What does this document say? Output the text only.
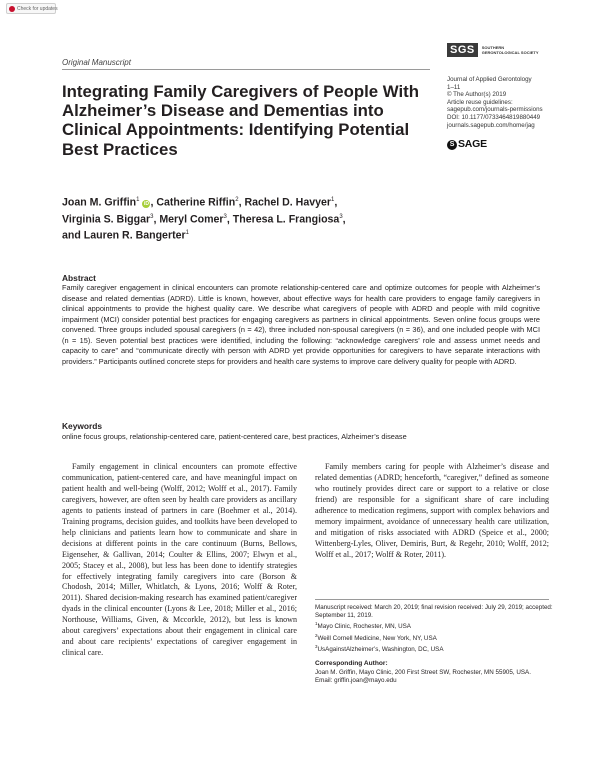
Check for updates
Original Manuscript
SGS	SOUTHERN GERONTOLOGICAL SOCIETY
Journal of Applied Gerontology
1–11
© The Author(s) 2019
Article reuse guidelines:
sagepub.com/journals-permissions
DOI: 10.1177/0733464819880449
journals.sagepub.com/home/jag
S SAGE
Integrating Family Caregivers of People With Alzheimer’s Disease and Dementias into Clinical Appointments: Identifying Potential Best Practices
Joan M. Griffin$^1$ iD , Catherine Riffin$^2$, Rachel D. Havyer$^1$,
Virginia S. Biggar$^3$, Meryl Comer$^3$, Theresa L. Frangiosa$^3$,
and Lauren R. Bangerter$^1$
Abstract

Family caregiver engagement in clinical encounters can promote relationship-centered care and optimize outcomes for people with Alzheimer’s disease and related dementias (ADRD). Little is known, however, about effective ways for health care providers to engage family caregivers in clinical appointments to provide the highest quality care. We describe what caregivers of people with ADRD and people with mild cognitive impairment (MCI) consider potential best practices for engaging caregivers as partners in clinical appointments. Seven online focus groups were convened. Three groups included spousal caregivers (n = 42), three included non-spousal caregivers (n = 36), and one included people with MCI (n = 15). Seven potential best practices were identified, including the following: “acknowledge caregivers’ role and assess unmet needs and capacity to care” and “communicate directly with person with ADRD yet provide opportunities for caregivers to have separate interactions with providers.” Participants outlined concrete steps for providers and health care systems to improve care delivery quality for people with ADRD.

Keywords
online focus groups, relationship-centered care, patient-centered care, best practices, Alzheimer’s disease

Family engagement in clinical encounters can promote effective communication, patient-centered care, and have meaningful impact on patient health and well-being (Wolff, 2012; Wolff et al., 2017). Family caregivers, however, are often seen by health care providers as ancillary agents to patients instead of partners in care (Boehmer et al., 2014). Training programs, decision guides, and toolkits have been developed to help clinicians and patients learn how to communicate and share in decisions at different points in the care continuum (Burns, Bellows, Eigenseher, & Gallivan, 2014; Coulter & Ellins, 2007; Elwyn et al., 2005; Stacey et al., 2008), but less has been done to identify strategies for effectively integrating family caregivers into care (Borson & Chodosh, 2014; Miller, Whitlatch, & Lyons, 2016; Wolff & Roter, 2011). Shared decision-making research has examined patient/caregiver dyads in the clinical encounter (Lyons & Lee, 2018; Miller et al., 2016; Northouse, Williams, Given, & Mccorkle, 2012), but less is known about caregivers’ expectations about their engagement in clinical care and about care recipients’ expectations of caregiver engagement in clinical care.

Family members caring for people with Alzheimer’s disease and related dementias (ADRD; henceforth, “caregiver,” defined as someone who routinely provides direct care or support to a relative or close friend) are responsible for a significant share of care including adherence to medication regimens, support with complex behaviors and memory impairment, avoidance of unnecessary health care utilization, and mitigation of risks associated with ADRD (Speice et al., 2000; Wittenberg-Lyles, Oliver, Demiris, Burt, & Regehr, 2010; Wolff, 2012; Wolff et al., 2017; Wolff & Roter, 2011).

Manuscript received: March 20, 2019; final revision received: July 29, 2019; accepted: September 11, 2019.
$^1$Mayo Clinic, Rochester, MN, USA
$^2$Weill Cornell Medicine, New York, NY, USA
$^3$UsAgainstAlzheimer’s, Washington, DC, USA
Corresponding Author:
Joan M. Griffin, Mayo Clinic, 200 First Street SW, Rochester, MN 55905, USA.
Email: griffin.joan@mayo.edu
